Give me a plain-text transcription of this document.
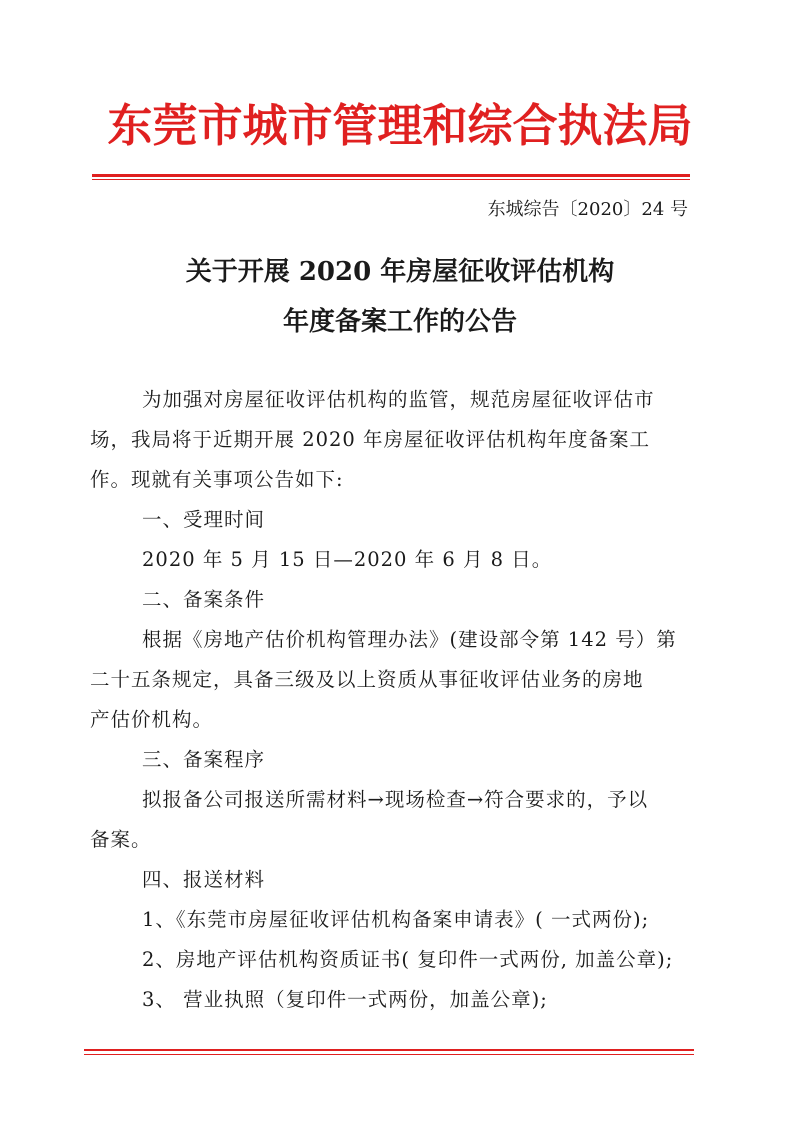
东莞市城市管理和综合执法局
东城综告〔2020〕24 号
关于开展 2020 年房屋征收评估机构
年度备案工作的公告
为加强对房屋征收评估机构的监管，规范房屋征收评估市
场，我局将于近期开展 2020 年房屋征收评估机构年度备案工
作。现就有关事项公告如下:
一、受理时间
2020 年 5 月 15 日—2020 年 6 月 8 日。
二、备案条件
根据《房地产估价机构管理办法》(建设部令第 142 号）第
二十五条规定，具备三级及以上资质从事征收评估业务的房地
产估价机构。
三、备案程序
拟报备公司报送所需材料→现场检查→符合要求的，予以
备案。
四、报送材料
1、《东莞市房屋征收评估机构备案申请表》( 一式两份);
2、房地产评估机构资质证书( 复印件一式两份, 加盖公章);
3、 营业执照（复印件一式两份，加盖公章);
